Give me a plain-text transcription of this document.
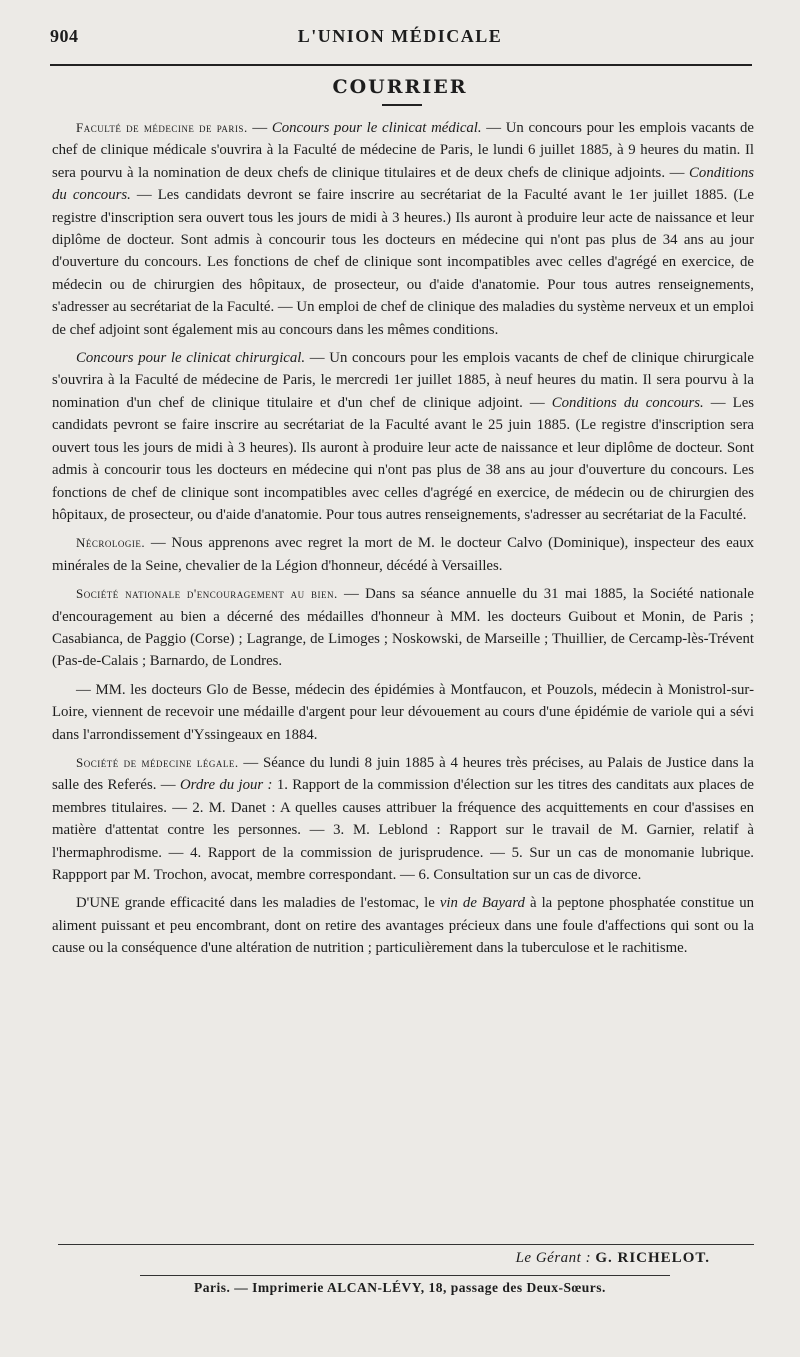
904	L'UNION MÉDICALE
COURRIER

Faculté de médecine de paris. — Concours pour le clinicat médical. — Un concours pour les emplois vacants de chef de clinique médicale s'ouvrira à la Faculté de médecine de Paris, le lundi 6 juillet 1885, à 9 heures du matin. Il sera pourvu à la nomination de deux chefs de clinique titulaires et de deux chefs de clinique adjoints. — Conditions du concours. — Les candidats devront se faire inscrire au secrétariat de la Faculté avant le 1er juillet 1885. (Le registre d'inscription sera ouvert tous les jours de midi à 3 heures.) Ils auront à produire leur acte de naissance et leur diplôme de docteur. Sont admis à concourir tous les docteurs en médecine qui n'ont pas plus de 34 ans au jour d'ouverture du concours. Les fonctions de chef de clinique sont incompatibles avec celles d'agrégé en exercice, de médecin ou de chirurgien des hôpitaux, de prosecteur, ou d'aide d'anatomie. Pour tous autres renseignements, s'adresser au secrétariat de la Faculté. — Un emploi de chef de clinique des maladies du système nerveux et un emploi de chef adjoint sont également mis au concours dans les mêmes conditions.

Concours pour le clinicat chirurgical. — Un concours pour les emplois vacants de chef de clinique chirurgicale s'ouvrira à la Faculté de médecine de Paris, le mercredi 1er juillet 1885, à neuf heures du matin. Il sera pourvu à la nomination d'un chef de clinique titulaire et d'un chef de clinique adjoint. — Conditions du concours. — Les candidats pevront se faire inscrire au secrétariat de la Faculté avant le 25 juin 1885. (Le registre d'inscription sera ouvert tous les jours de midi à 3 heures). Ils auront à produire leur acte de naissance et leur diplôme de docteur. Sont admis à concourir tous les docteurs en médecine qui n'ont pas plus de 38 ans au jour d'ouverture du concours. Les fonctions de chef de clinique sont incompatibles avec celles d'agrégé en exercice, de médecin ou de chirurgien des hôpitaux, de prosecteur, ou d'aide d'anatomie. Pour tous autres renseignements, s'adresser au secrétariat de la Faculté.

Nécrologie. — Nous apprenons avec regret la mort de M. le docteur Calvo (Dominique), inspecteur des eaux minérales de la Seine, chevalier de la Légion d'honneur, décédé à Versailles.

Société nationale d'encouragement au bien. — Dans sa séance annuelle du 31 mai 1885, la Société nationale d'encouragement au bien a décerné des médailles d'honneur à MM. les docteurs Guibout et Monin, de Paris ; Casabianca, de Paggio (Corse) ; Lagrange, de Limoges ; Noskowski, de Marseille ; Thuillier, de Cercamp-lès-Trévent (Pas-de-Calais ; Barnardo, de Londres.

— MM. les docteurs Glo de Besse, médecin des épidémies à Montfaucon, et Pouzols, médecin à Monistrol-sur-Loire, viennent de recevoir une médaille d'argent pour leur dévouement au cours d'une épidémie de variole qui a sévi dans l'arrondissement d'Yssingeaux en 1884.

Société de médecine légale. — Séance du lundi 8 juin 1885 à 4 heures très précises, au Palais de Justice dans la salle des Referés. — Ordre du jour : 1. Rapport de la commission d'élection sur les titres des canditats aux places de membres titulaires. — 2. M. Danet : A quelles causes attribuer la fréquence des acquittements en cour d'assises en matière d'attentat contre les personnes. — 3. M. Leblond : Rapport sur le travail de M. Garnier, relatif à l'hermaphrodisme. — 4. Rapport de la commission de jurisprudence. — 5. Sur un cas de monomanie lubrique. Rappport par M. Trochon, avocat, membre correspondant. — 6. Consultation sur un cas de divorce.

D'UNE grande efficacité dans les maladies de l'estomac, le vin de Bayard à la peptone phosphatée constitue un aliment puissant et peu encombrant, dont on retire des avantages précieux dans une foule d'affections qui sont ou la cause ou la conséquence d'une altération de nutrition ; particulièrement dans la tuberculose et le rachitisme.

Le Gérant : G. RICHELOT.
Paris. — Imprimerie ALCAN-LÉVY, 18, passage des Deux-Sœurs.
